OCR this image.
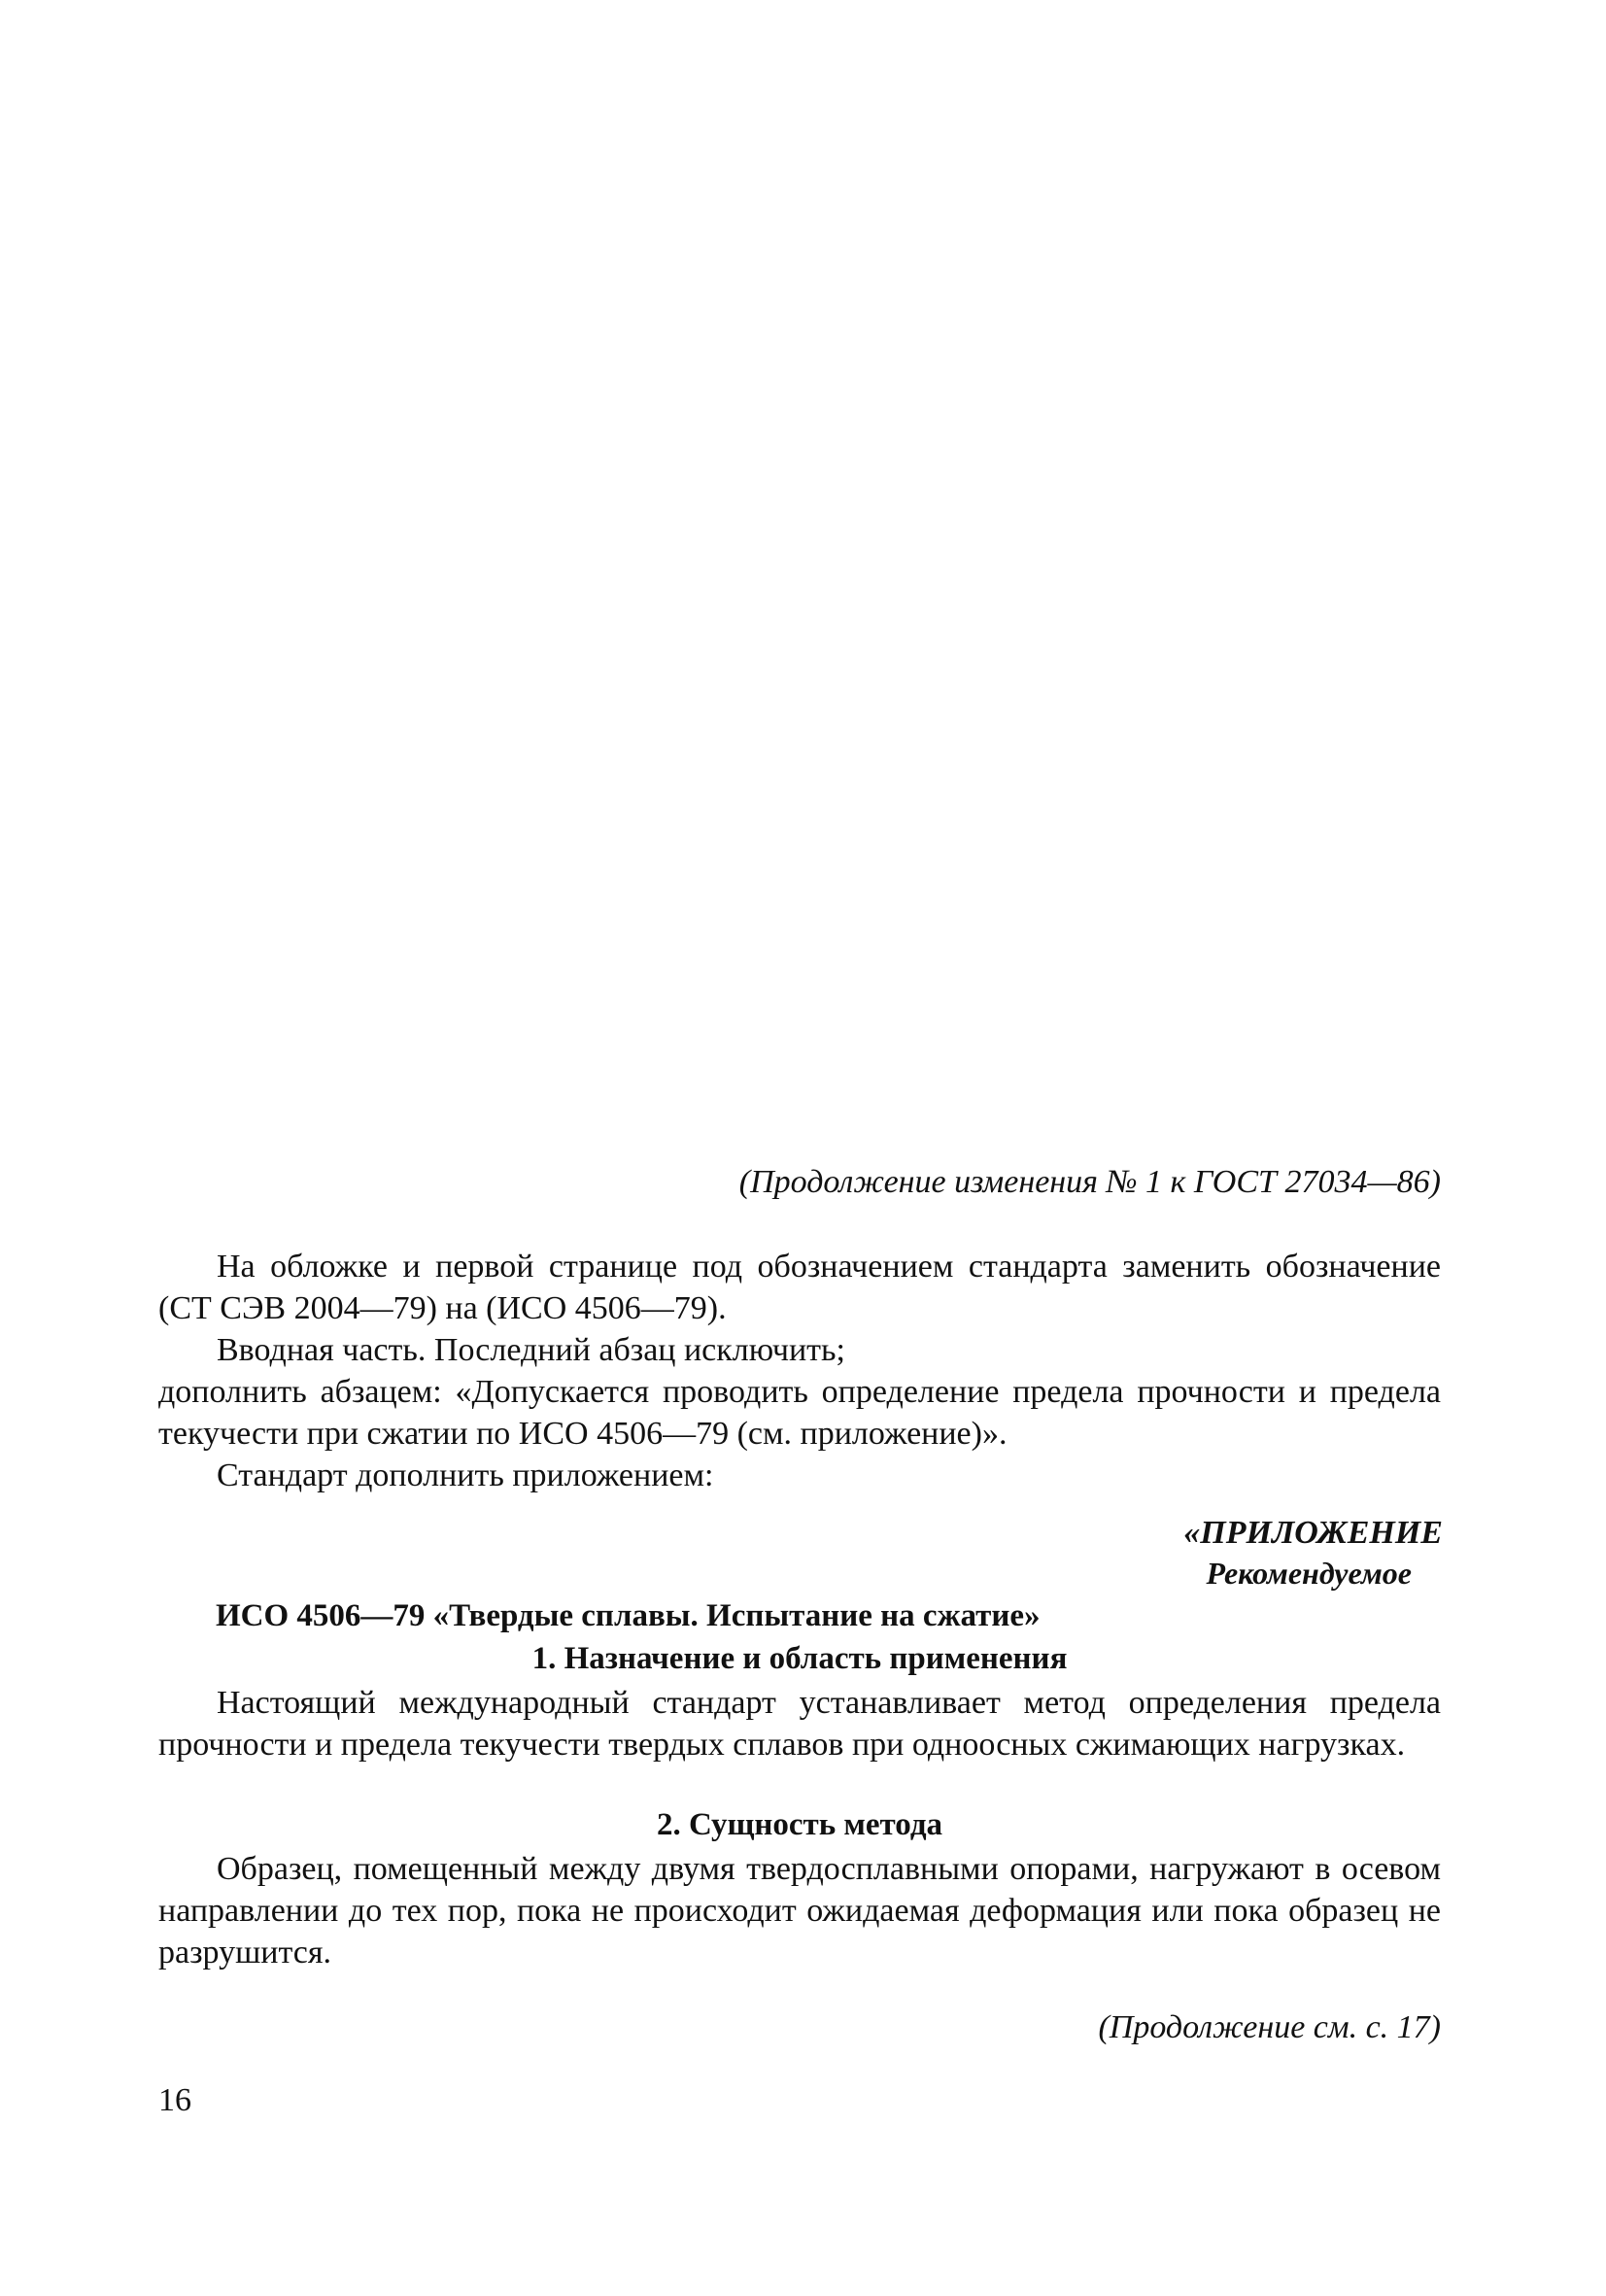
(Продолжение изменения № 1 к ГОСТ 27034—86)

На обложке и первой странице под обозначением стандарта заменить обозначение (СТ СЭВ 2004—79) на (ИСО 4506—79).

Вводная часть. Последний абзац исключить;

дополнить абзацем: «Допускается проводить определение предела прочности и предела текучести при сжатии по ИСО 4506—79 (см. приложение)».

Стандарт дополнить приложением:

«ПРИЛОЖЕНИЕ
Рекомендуемое
ИСО 4506—79 «Твердые сплавы. Испытание на сжатие»
1. Назначение и область применения

Настоящий международный стандарт устанавливает метод определения предела прочности и предела текучести твердых сплавов при одноосных сжимающих нагрузках.

2. Сущность метода

Образец, помещенный между двумя твердосплавными опорами, нагружают в осевом направлении до тех пор, пока не происходит ожидаемая деформация или пока образец не разрушится.

(Продолжение см. с. 17)
16
